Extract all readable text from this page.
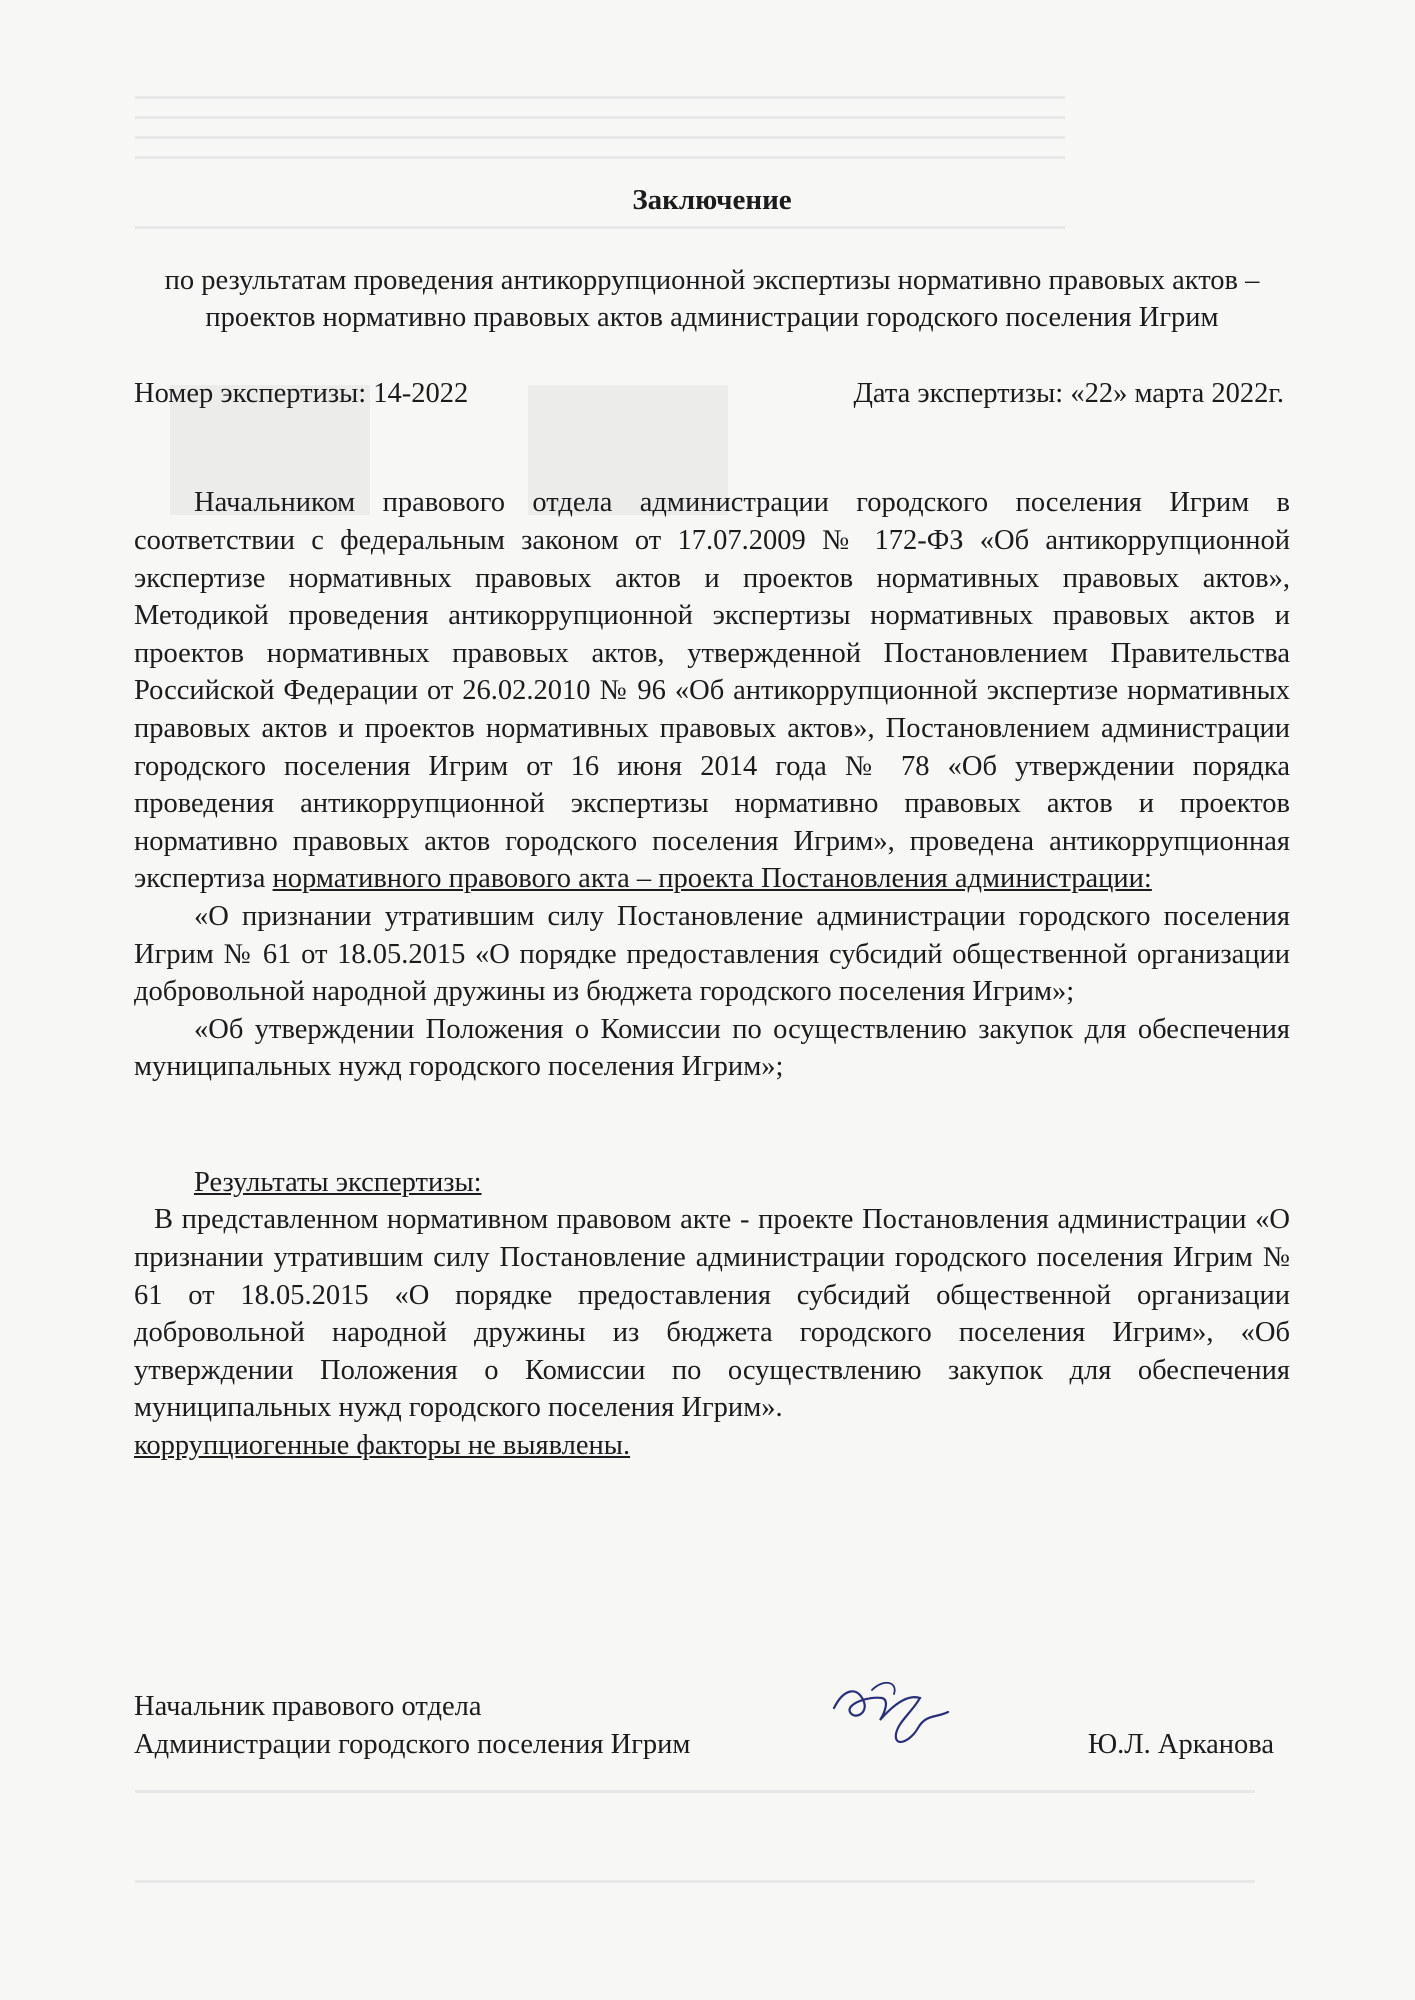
Заключение
по результатам проведения антикоррупционной экспертизы нормативно правовых актов – проектов нормативно правовых актов администрации городского поселения Игрим
Номер экспертизы: 14-2022	Дата экспертизы: «22» марта 2022г.

Начальником правового отдела администрации городского поселения Игрим в соответствии с федеральным законом от 17.07.2009 № 172-ФЗ «Об антикоррупционной экспертизе нормативных правовых актов и проектов нормативных правовых актов», Методикой проведения антикоррупционной экспертизы нормативных правовых актов и проектов нормативных правовых актов, утвержденной Постановлением Правительства Российской Федерации от 26.02.2010 № 96 «Об антикоррупционной экспертизе нормативных правовых актов и проектов нормативных правовых актов», Постановлением администрации городского поселения Игрим от 16 июня 2014 года № 78 «Об утверждении порядка проведения антикоррупционной экспертизы нормативно правовых актов и проектов нормативно правовых актов городского поселения Игрим», проведена антикоррупционная экспертиза нормативного правового акта – проекта Постановления администрации:

«О признании утратившим силу Постановление администрации городского поселения Игрим № 61 от 18.05.2015 «О порядке предоставления субсидий общественной организации добровольной народной дружины из бюджета городского поселения Игрим»;

«Об утверждении Положения о Комиссии по осуществлению закупок для обеспечения муниципальных нужд городского поселения Игрим»;

Результаты экспертизы:

В представленном нормативном правовом акте - проекте Постановления администрации «О признании утратившим силу Постановление администрации городского поселения Игрим № 61 от 18.05.2015 «О порядке предоставления субсидий общественной организации добровольной народной дружины из бюджета городского поселения Игрим», «Об утверждении Положения о Комиссии по осуществлению закупок для обеспечения муниципальных нужд городского поселения Игрим».

коррупциогенные факторы не выявлены.
Начальник правового отдела
Администрации городского поселения Игрим	Ю.Л. Арканова
